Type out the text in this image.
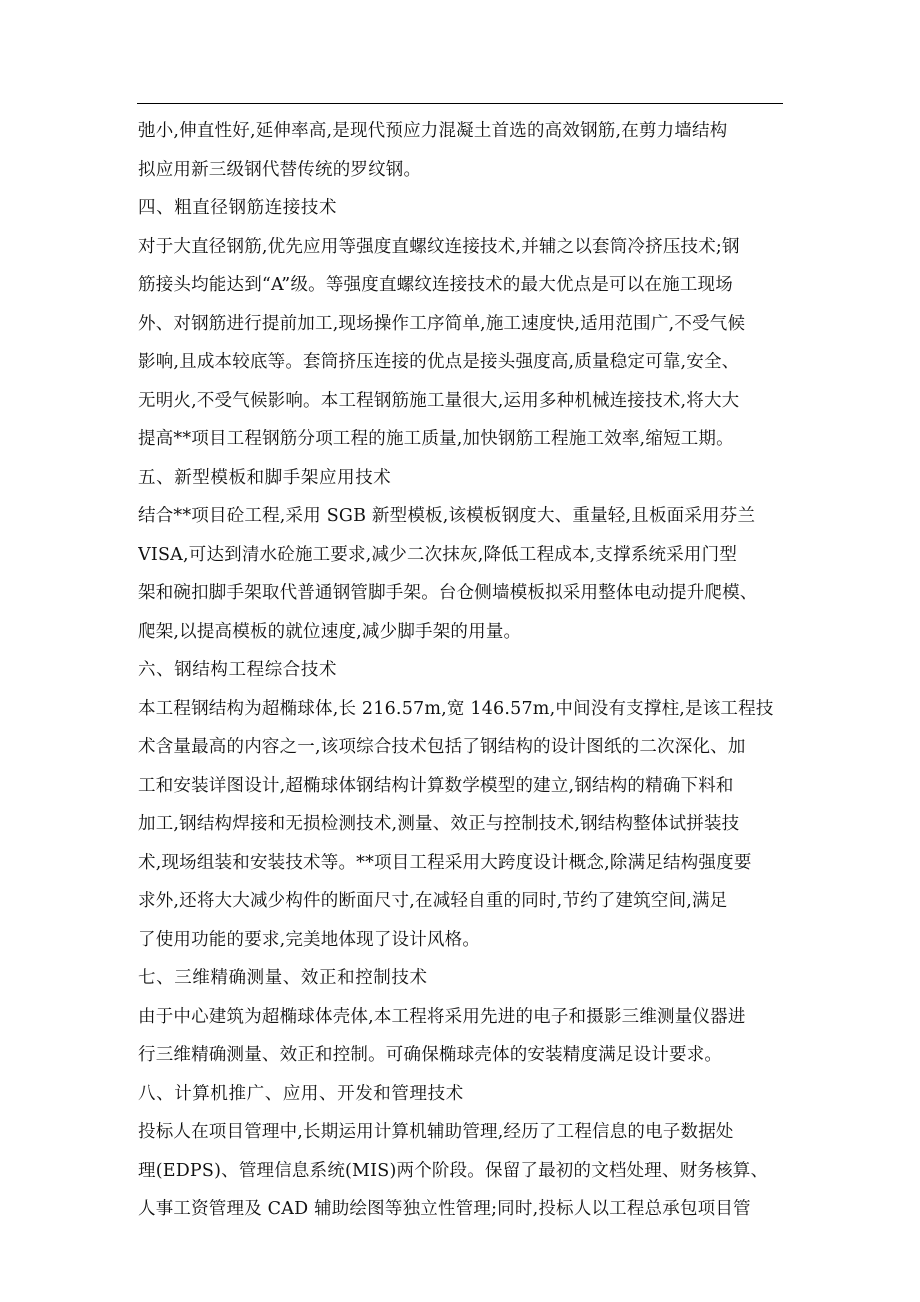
弛小,伸直性好,延伸率高,是现代预应力混凝土首选的高效钢筋,在剪力墙结构
拟应用新三级钢代替传统的罗纹钢。
四、粗直径钢筋连接技术
对于大直径钢筋,优先应用等强度直螺纹连接技术,并辅之以套筒冷挤压技术;钢
筋接头均能达到“A”级。等强度直螺纹连接技术的最大优点是可以在施工现场
外、对钢筋进行提前加工,现场操作工序简单,施工速度快,适用范围广,不受气候
影响,且成本较底等。套筒挤压连接的优点是接头强度高,质量稳定可靠,安全、
无明火,不受气候影响。本工程钢筋施工量很大,运用多种机械连接技术,将大大
提高**项目工程钢筋分项工程的施工质量,加快钢筋工程施工效率,缩短工期。
五、新型模板和脚手架应用技术
结合**项目砼工程,采用 SGB 新型模板,该模板钢度大、重量轻,且板面采用芬兰
VISA,可达到清水砼施工要求,减少二次抹灰,降低工程成本,支撑系统采用门型
架和碗扣脚手架取代普通钢管脚手架。台仓侧墙模板拟采用整体电动提升爬模、
爬架,以提高模板的就位速度,减少脚手架的用量。
六、钢结构工程综合技术
本工程钢结构为超椭球体,长 216.57m,宽 146.57m,中间没有支撑柱,是该工程技
术含量最高的内容之一,该项综合技术包括了钢结构的设计图纸的二次深化、加
工和安装详图设计,超椭球体钢结构计算数学模型的建立,钢结构的精确下料和
加工,钢结构焊接和无损检测技术,测量、效正与控制技术,钢结构整体试拼装技
术,现场组装和安装技术等。**项目工程采用大跨度设计概念,除满足结构强度要
求外,还将大大减少构件的断面尺寸,在减轻自重的同时,节约了建筑空间,满足
了使用功能的要求,完美地体现了设计风格。
七、三维精确测量、效正和控制技术
由于中心建筑为超椭球体壳体,本工程将采用先进的电子和摄影三维测量仪器进
行三维精确测量、效正和控制。可确保椭球壳体的安装精度满足设计要求。
八、计算机推广、应用、开发和管理技术
投标人在项目管理中,长期运用计算机辅助管理,经历了工程信息的电子数据处
理(EDPS)、管理信息系统(MIS)两个阶段。保留了最初的文档处理、财务核算、
人事工资管理及 CAD 辅助绘图等独立性管理;同时,投标人以工程总承包项目管
